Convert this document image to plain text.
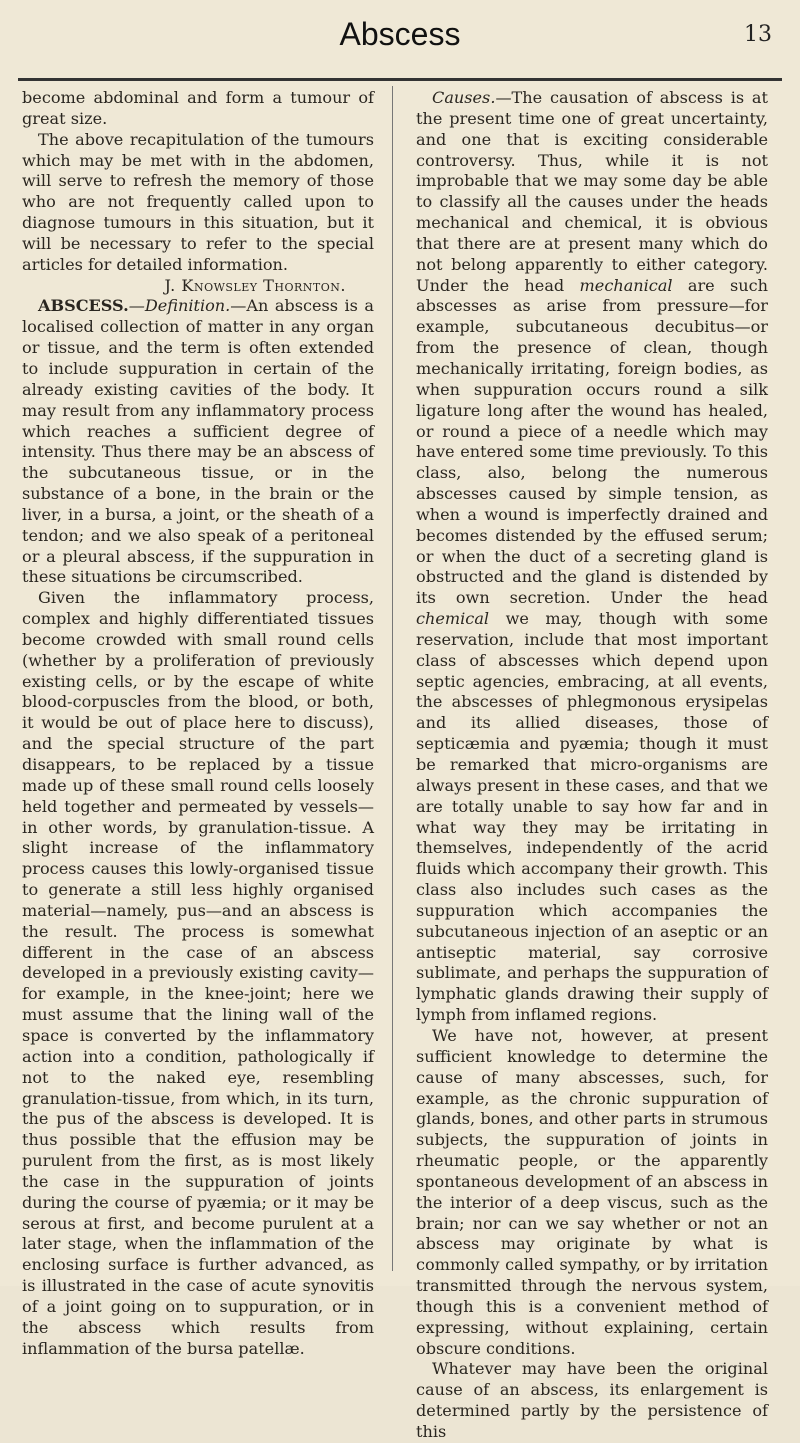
Abscess	13

become abdominal and form a tumour of great size.

The above recapitulation of the tumours which may be met with in the abdomen, will serve to refresh the memory of those who are not frequently called upon to diagnose tumours in this situation, but it will be necessary to refer to the special articles for detailed information.

J. Knowsley Thornton.

ABSCESS.—Definition.—An abscess is a localised collection of matter in any organ or tissue, and the term is often extended to include suppuration in certain of the already existing cavities of the body. It may result from any inflammatory process which reaches a sufficient degree of intensity. Thus there may be an abscess of the subcutaneous tissue, or in the substance of a bone, in the brain or the liver, in a bursa, a joint, or the sheath of a tendon; and we also speak of a peritoneal or a pleural abscess, if the suppuration in these situations be circumscribed.

Given the inflammatory process, complex and highly differentiated tissues become crowded with small round cells (whether by a proliferation of previously existing cells, or by the escape of white blood-corpuscles from the blood, or both, it would be out of place here to discuss), and the special structure of the part disappears, to be replaced by a tissue made up of these small round cells loosely held together and permeated by vessels—in other words, by granulation-tissue. A slight increase of the inflammatory process causes this lowly-organised tissue to generate a still less highly organised material—namely, pus—and an abscess is the result. The process is somewhat different in the case of an abscess developed in a previously existing cavity—for example, in the knee-joint; here we must assume that the lining wall of the space is converted by the inflammatory action into a condition, pathologically if not to the naked eye, resembling granulation-tissue, from which, in its turn, the pus of the abscess is developed. It is thus possible that the effusion may be purulent from the first, as is most likely the case in the suppuration of joints during the course of pyæmia; or it may be serous at first, and become purulent at a later stage, when the inflammation of the enclosing surface is further advanced, as is illustrated in the case of acute synovitis of a joint going on to suppuration, or in the abscess which results from inflammation of the bursa patellæ.

Causes.—The causation of abscess is at the present time one of great uncertainty, and one that is exciting considerable controversy. Thus, while it is not improbable that we may some day be able to classify all the causes under the heads mechanical and chemical, it is obvious that there are at present many which do not belong apparently to either category. Under the head mechanical are such abscesses as arise from pressure—for example, subcutaneous decubitus—or from the presence of clean, though mechanically irritating, foreign bodies, as when suppuration occurs round a silk ligature long after the wound has healed, or round a piece of a needle which may have entered some time previously. To this class, also, belong the numerous abscesses caused by simple tension, as when a wound is imperfectly drained and becomes distended by the effused serum; or when the duct of a secreting gland is obstructed and the gland is distended by its own secretion. Under the head chemical we may, though with some reservation, include that most important class of abscesses which depend upon septic agencies, embracing, at all events, the abscesses of phlegmonous erysipelas and its allied diseases, those of septicæmia and pyæmia; though it must be remarked that micro-organisms are always present in these cases, and that we are totally unable to say how far and in what way they may be irritating in themselves, independently of the acrid fluids which accompany their growth. This class also includes such cases as the suppuration which accompanies the subcutaneous injection of an aseptic or an antiseptic material, say corrosive sublimate, and perhaps the suppuration of lymphatic glands drawing their supply of lymph from inflamed regions.

We have not, however, at present sufficient knowledge to determine the cause of many abscesses, such, for example, as the chronic suppuration of glands, bones, and other parts in strumous subjects, the suppuration of joints in rheumatic people, or the apparently spontaneous development of an abscess in the interior of a deep viscus, such as the brain; nor can we say whether or not an abscess may originate by what is commonly called sympathy, or by irritation transmitted through the nervous system, though this is a convenient method of expressing, without explaining, certain obscure conditions.

Whatever may have been the original cause of an abscess, its enlargement is determined partly by the persistence of this
